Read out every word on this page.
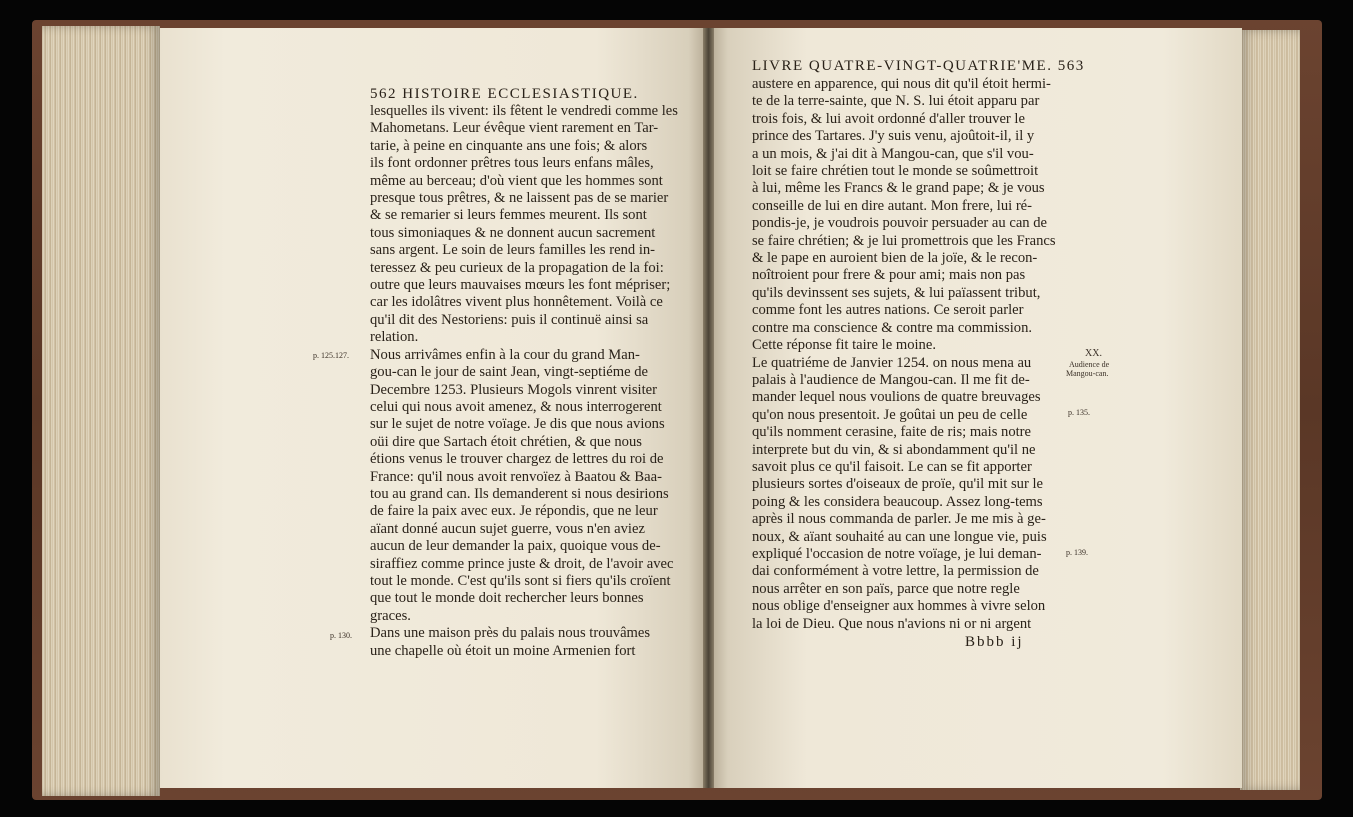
562 HISTOIRE ECCLESIASTIQUE.
LIVRE QUATRE-VINGT-QUATRIE'ME. 563
lesquelles ils vivent: ils fêtent le vendredi comme les
Mahometans. Leur évêque vient rarement en Tar-
tarie, à peine en cinquante ans une fois; & alors
ils font ordonner prêtres tous leurs enfans mâles,
même au berceau; d'où vient que les hommes sont
presque tous prêtres, & ne laissent pas de se marier
& se remarier si leurs femmes meurent. Ils sont
tous simoniaques & ne donnent aucun sacrement
sans argent. Le soin de leurs familles les rend in-
teressez & peu curieux de la propagation de la foi:
outre que leurs mauvaises mœurs les font mépriser;
car les idolâtres vivent plus honnêtement. Voilà ce
qu'il dit des Nestoriens: puis il continuë ainsi sa
relation.
Nous arrivâmes enfin à la cour du grand Man-
gou-can le jour de saint Jean, vingt-septiéme de
Decembre 1253. Plusieurs Mogols vinrent visiter
celui qui nous avoit amenez, & nous interrogerent
sur le sujet de notre voïage. Je dis que nous avions
oüi dire que Sartach étoit chrétien, & que nous
étions venus le trouver chargez de lettres du roi de
France: qu'il nous avoit renvoïez à Baatou & Baa-
tou au grand can. Ils demanderent si nous desirions
de faire la paix avec eux. Je répondis, que ne leur
aïant donné aucun sujet guerre, vous n'en aviez
aucun de leur demander la paix, quoique vous de-
siraffiez comme prince juste & droit, de l'avoir avec
tout le monde. C'est qu'ils sont si fiers qu'ils croïent
que tout le monde doit rechercher leurs bonnes
graces.
Dans une maison près du palais nous trouvâmes
une chapelle où étoit un moine Armenien fort
austere en apparence, qui nous dit qu'il étoit hermi-
te de la terre-sainte, que N. S. lui étoit apparu par
trois fois, & lui avoit ordonné d'aller trouver le
prince des Tartares. J'y suis venu, ajoûtoit-il, il y
a un mois, & j'ai dit à Mangou-can, que s'il vou-
loit se faire chrétien tout le monde se soûmettroit
à lui, même les Francs & le grand pape; & je vous
conseille de lui en dire autant. Mon frere, lui ré-
pondis-je, je voudrois pouvoir persuader au can de
se faire chrétien; & je lui promettrois que les Francs
& le pape en auroient bien de la joïe, & le recon-
noîtroient pour frere & pour ami; mais non pas
qu'ils devinssent ses sujets, & lui païassent tribut,
comme font les autres nations. Ce seroit parler
contre ma conscience & contre ma commission.
Cette réponse fit taire le moine.
Le quatriéme de Janvier 1254. on nous mena au
palais à l'audience de Mangou-can. Il me fit de-
mander lequel nous voulions de quatre breuvages
qu'on nous presentoit. Je goûtai un peu de celle
qu'ils nomment cerasine, faite de ris; mais notre
interprete but du vin, & si abondamment qu'il ne
savoit plus ce qu'il faisoit. Le can se fit apporter
plusieurs sortes d'oiseaux de proïe, qu'il mit sur le
poing & les considera beaucoup. Assez long-tems
après il nous commanda de parler. Je me mis à ge-
noux, & aïant souhaité au can une longue vie, puis
expliqué l'occasion de notre voïage, je lui deman-
dai conformément à votre lettre, la permission de
nous arrêter en son païs, parce que notre regle
nous oblige d'enseigner aux hommes à vivre selon
la loi de Dieu. Que nous n'avions ni or ni argent
p. 125.127.
p. 130.
XX.
Audience de
Mangou-can.
p. 135.
p. 139.
Bbbb ij
